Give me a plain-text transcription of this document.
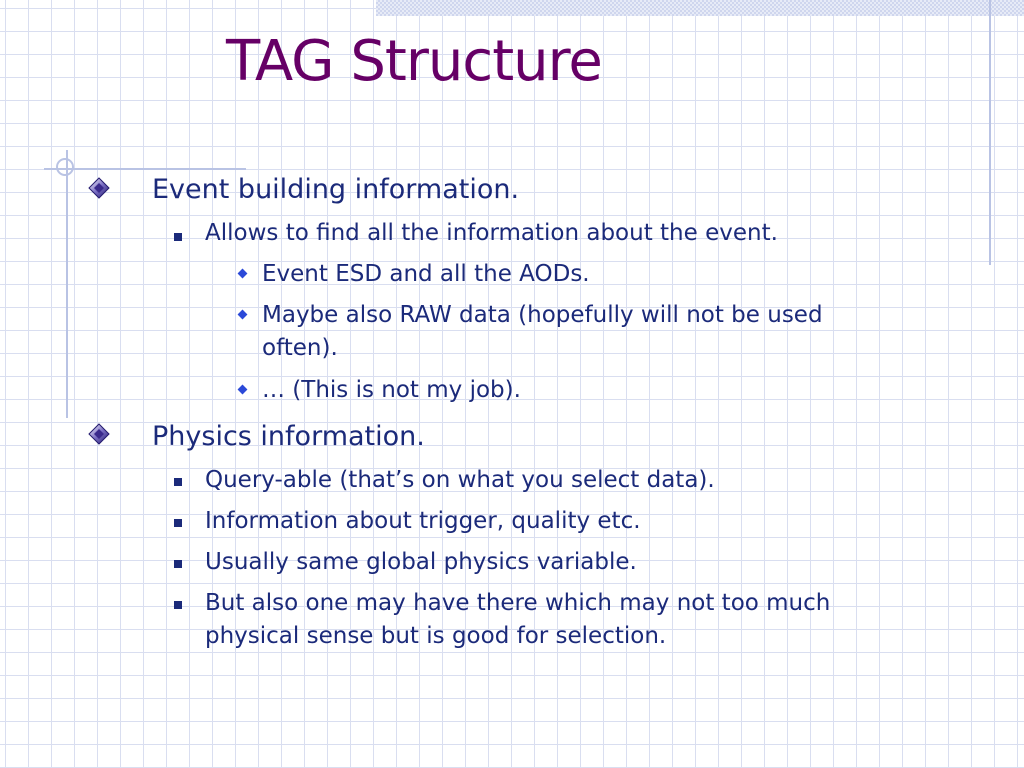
TAG Structure
Event building information.
Allows to find all the information about the event.
Event ESD and all the AODs.
Maybe also RAW data (hopefully will not be used often).
… (This is not my job).
Physics information.
Query-able (that’s on what you select data).
Information about trigger, quality etc.
Usually same global physics variable.
But also one may have there which may not too much physical sense but is good for selection.
